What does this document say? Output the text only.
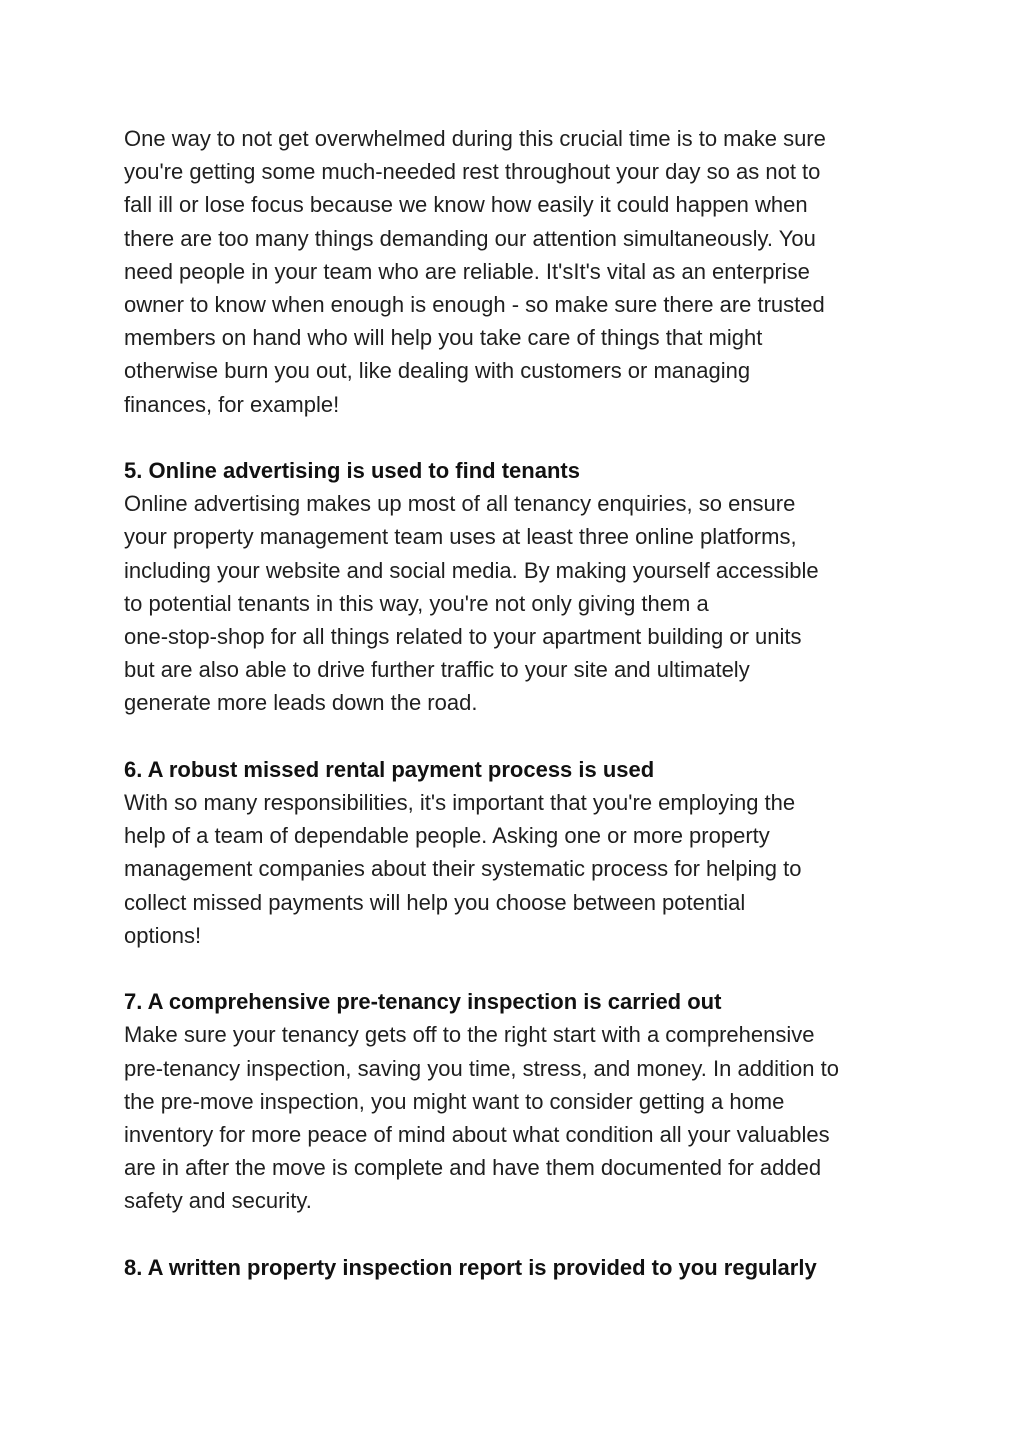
One way to not get overwhelmed during this crucial time is to make sure
you're getting some much-needed rest throughout your day so as not to
fall ill or lose focus because we know how easily it could happen when
there are too many things demanding our attention simultaneously. You
need people in your team who are reliable. It'sIt's vital as an enterprise
owner to know when enough is enough - so make sure there are trusted
members on hand who will help you take care of things that might
otherwise burn you out, like dealing with customers or managing
finances, for example!

5. Online advertising is used to find tenants

Online advertising makes up most of all tenancy enquiries, so ensure
your property management team uses at least three online platforms,
including your website and social media. By making yourself accessible
to potential tenants in this way, you're not only giving them a
one-stop-shop for all things related to your apartment building or units
but are also able to drive further traffic to your site and ultimately
generate more leads down the road.

6. A robust missed rental payment process is used

With so many responsibilities, it's important that you're employing the
help of a team of dependable people. Asking one or more property
management companies about their systematic process for helping to
collect missed payments will help you choose between potential
options!

7. A comprehensive pre-tenancy inspection is carried out

Make sure your tenancy gets off to the right start with a comprehensive
pre-tenancy inspection, saving you time, stress, and money. In addition to
the pre-move inspection, you might want to consider getting a home
inventory for more peace of mind about what condition all your valuables
are in after the move is complete and have them documented for added
safety and security.

8. A written property inspection report is provided to you regularly
